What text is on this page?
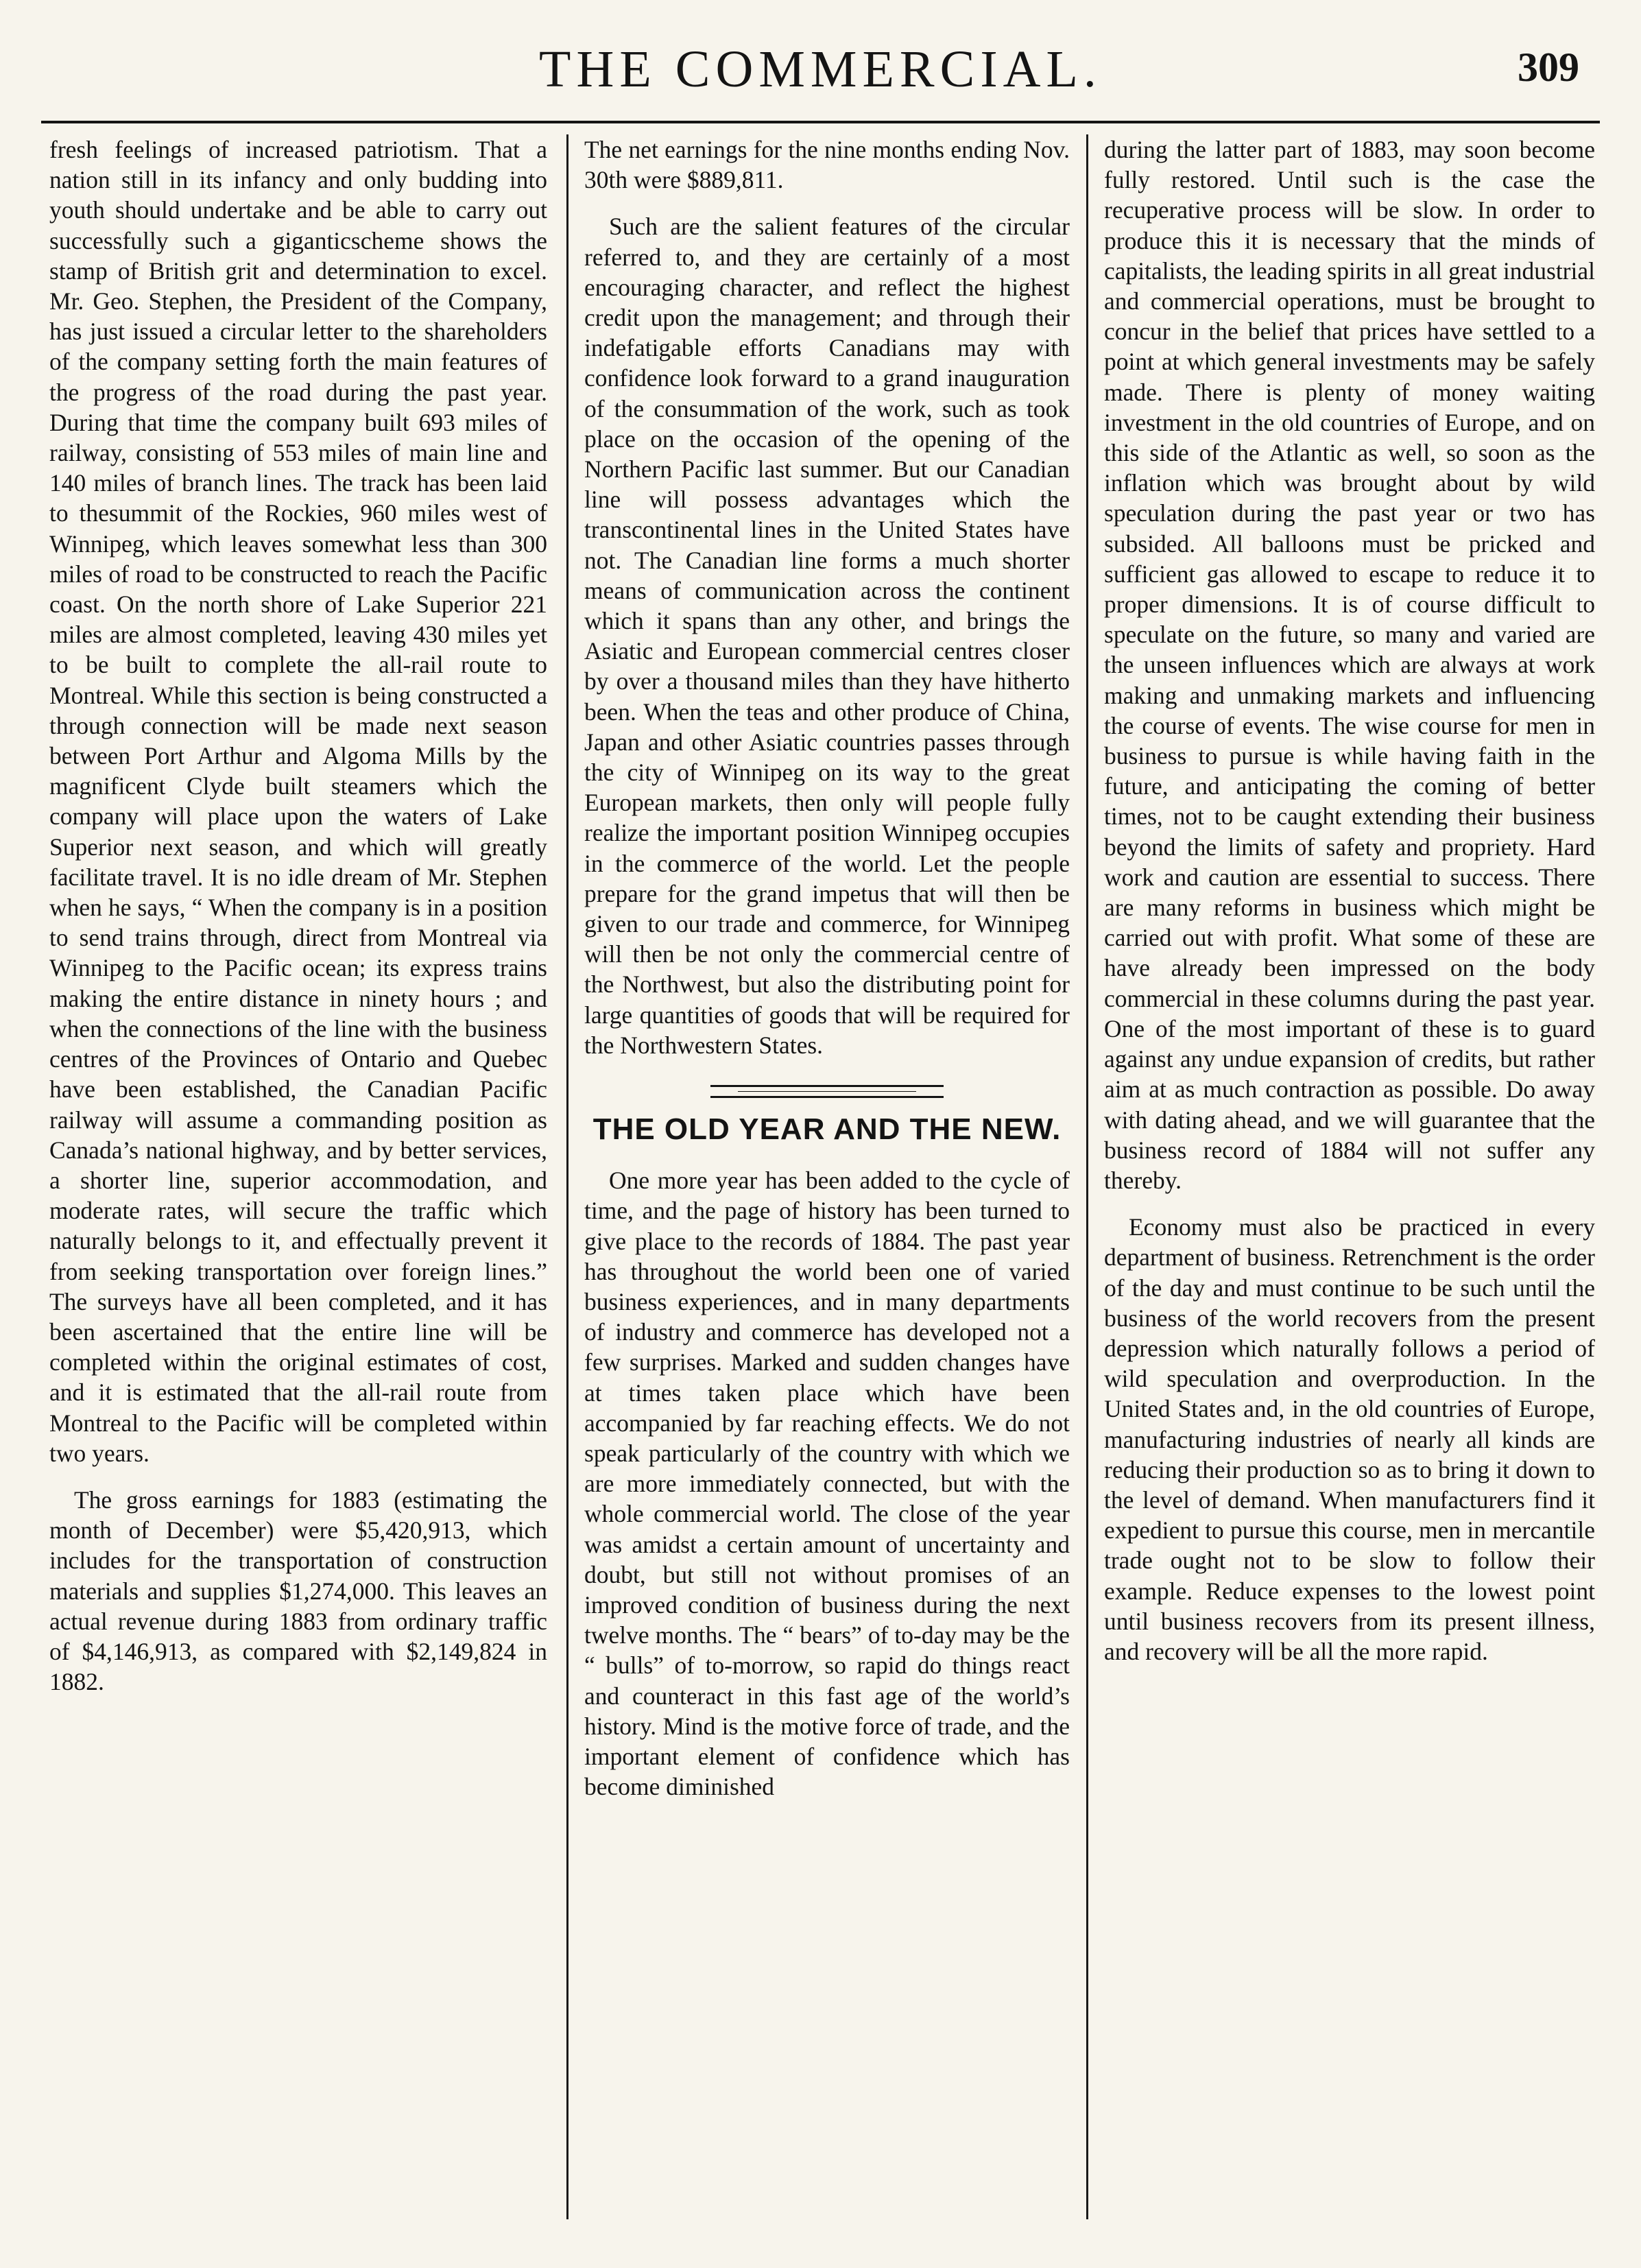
THE COMMERCIAL.	309

fresh feelings of increased patriotism. That a nation still in its infancy and only budding into youth should undertake and be able to carry out successfully such a giganticscheme shows the stamp of British grit and determination to excel. Mr. Geo. Stephen, the President of the Company, has just issued a circular letter to the shareholders of the company setting forth the main features of the progress of the road during the past year. During that time the company built 693 miles of railway, consisting of 553 miles of main line and 140 miles of branch lines. The track has been laid to thesummit of the Rockies, 960 miles west of Winnipeg, which leaves somewhat less than 300 miles of road to be constructed to reach the Pacific coast. On the north shore of Lake Superior 221 miles are almost completed, leaving 430 miles yet to be built to complete the all-rail route to Montreal. While this section is being constructed a through connection will be made next season between Port Arthur and Algoma Mills by the magnificent Clyde built steamers which the company will place upon the waters of Lake Superior next season, and which will greatly facilitate travel. It is no idle dream of Mr. Stephen when he says, “ When the company is in a position to send trains through, direct from Montreal via Winnipeg to the Pacific ocean; its express trains making the entire distance in ninety hours ; and when the connections of the line with the business centres of the Provinces of Ontario and Quebec have been established, the Canadian Pacific railway will assume a commanding position as Canada’s national highway, and by better services, a shorter line, superior accommodation, and moderate rates, will secure the traffic which naturally belongs to it, and effectually prevent it from seeking transportation over foreign lines.” The surveys have all been completed, and it has been ascertained that the entire line will be completed within the original estimates of cost, and it is estimated that the all-rail route from Montreal to the Pacific will be completed within two years.

The gross earnings for 1883 (estimating the month of December) were $5,420,913, which includes for the transportation of construction materials and supplies $1,274,000. This leaves an actual revenue during 1883 from ordinary traffic of $4,146,913, as compared with $2,149,824 in 1882.

The net earnings for the nine months ending Nov. 30th were $889,811.

Such are the salient features of the circular referred to, and they are certainly of a most encouraging character, and reflect the highest credit upon the management; and through their indefatigable efforts Canadians may with confidence look forward to a grand inauguration of the consummation of the work, such as took place on the occasion of the opening of the Northern Pacific last summer. But our Canadian line will possess advantages which the transcontinental lines in the United States have not. The Canadian line forms a much shorter means of communication across the continent which it spans than any other, and brings the Asiatic and European commercial centres closer by over a thousand miles than they have hitherto been. When the teas and other produce of China, Japan and other Asiatic countries passes through the city of Winnipeg on its way to the great European markets, then only will people fully realize the important position Winnipeg occupies in the commerce of the world. Let the people prepare for the grand impetus that will then be given to our trade and commerce, for Winnipeg will then be not only the commercial centre of the Northwest, but also the distributing point for large quantities of goods that will be required for the Northwestern States.

THE OLD YEAR AND THE NEW.

One more year has been added to the cycle of time, and the page of history has been turned to give place to the records of 1884. The past year has throughout the world been one of varied business experiences, and in many departments of industry and commerce has developed not a few surprises. Marked and sudden changes have at times taken place which have been accompanied by far reaching effects. We do not speak particularly of the country with which we are more immediately connected, but with the whole commercial world. The close of the year was amidst a certain amount of uncertainty and doubt, but still not without promises of an improved condition of business during the next twelve months. The “ bears” of to-day may be the “ bulls” of to-morrow, so rapid do things react and counteract in this fast age of the world’s history. Mind is the motive force of trade, and the important element of confidence which has become diminished

during the latter part of 1883, may soon become fully restored. Until such is the case the recuperative process will be slow. In order to produce this it is necessary that the minds of capitalists, the leading spirits in all great industrial and commercial operations, must be brought to concur in the belief that prices have settled to a point at which general investments may be safely made. There is plenty of money waiting investment in the old countries of Europe, and on this side of the Atlantic as well, so soon as the inflation which was brought about by wild speculation during the past year or two has subsided. All balloons must be pricked and sufficient gas allowed to escape to reduce it to proper dimensions. It is of course difficult to speculate on the future, so many and varied are the unseen influences which are always at work making and unmaking markets and influencing the course of events. The wise course for men in business to pursue is while having faith in the future, and anticipating the coming of better times, not to be caught extending their business beyond the limits of safety and propriety. Hard work and caution are essential to success. There are many reforms in business which might be carried out with profit. What some of these are have already been impressed on the body commercial in these columns during the past year. One of the most important of these is to guard against any undue expansion of credits, but rather aim at as much contraction as possible. Do away with dating ahead, and we will guarantee that the business record of 1884 will not suffer any thereby.

Economy must also be practiced in every department of business. Retrenchment is the order of the day and must continue to be such until the business of the world recovers from the present depression which naturally follows a period of wild speculation and overproduction. In the United States and, in the old countries of Europe, manufacturing industries of nearly all kinds are reducing their production so as to bring it down to the level of demand. When manufacturers find it expedient to pursue this course, men in mercantile trade ought not to be slow to follow their example. Reduce expenses to the lowest point until business recovers from its present illness, and recovery will be all the more rapid.
